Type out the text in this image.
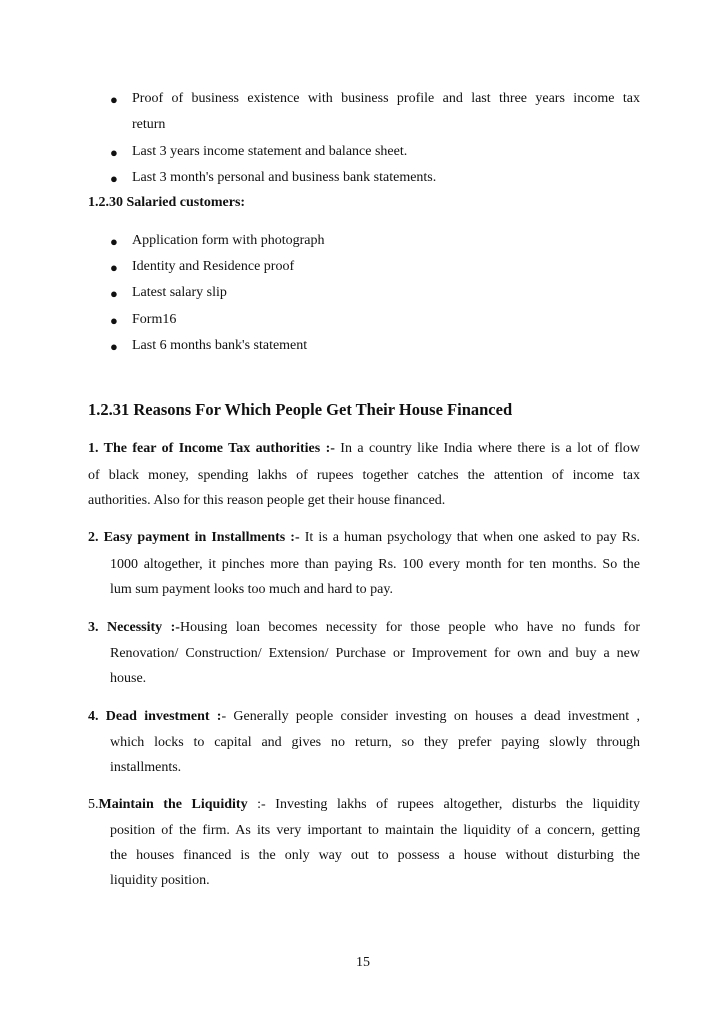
● Proof of business existence with business profile and last three years income tax
return
● Last 3 years income statement and balance sheet.
● Last 3 month's personal and business bank statements.
1.2.30 Salaried customers:
● Application form with photograph
● Identity and Residence proof
● Latest salary slip
● Form16
● Last 6 months bank's statement
1.2.31 Reasons For Which People Get Their House Financed
1. The fear of Income Tax authorities :- In a country like India where there is a lot of flow
of black money, spending lakhs of rupees together catches the attention of income tax
authorities. Also for this reason people get their house financed.
2. Easy payment in Installments :- It is a human psychology that when one asked to pay Rs.
1000 altogether, it pinches more than paying Rs. 100 every month for ten months. So the
lum sum payment looks too much and hard to pay.
3. Necessity :-Housing loan becomes necessity for those people who have no funds for
Renovation/ Construction/ Extension/ Purchase or Improvement for own and buy a new
house.
4. Dead investment :- Generally people consider investing on houses a dead investment ,
which locks to capital and gives no return, so they prefer paying slowly through
installments.
5.Maintain the Liquidity :- Investing lakhs of rupees altogether, disturbs the liquidity
position of the firm. As its very important to maintain the liquidity of a concern, getting
the houses financed is the only way out to possess a house without disturbing the
liquidity position.
15
